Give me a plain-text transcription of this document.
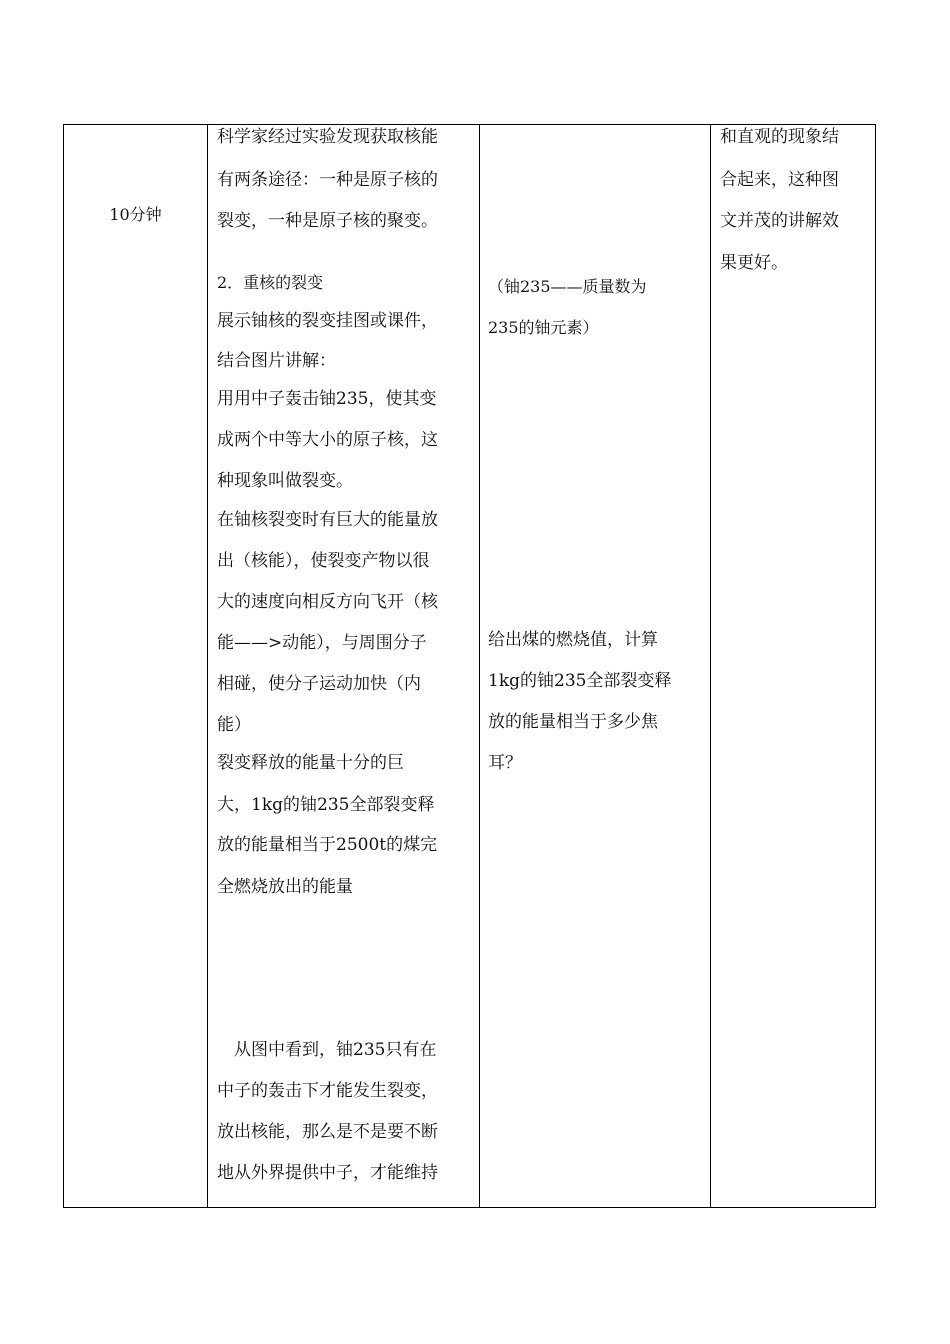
10分钟
科学家经过实验发现获取核能
有两条途径：一种是原子核的
裂变，一种是原子核的聚变。
2．重核的裂变
展示铀核的裂变挂图或课件，
结合图片讲解：
用用中子轰击铀235，使其变
成两个中等大小的原子核，这
种现象叫做裂变。
在铀核裂变时有巨大的能量放
出（核能），使裂变产物以很
大的速度向相反方向飞开（核
能——>动能），与周围分子
相碰，使分子运动加快（内
能）
裂变释放的能量十分的巨
大，1kg的铀235全部裂变释
放的能量相当于2500t的煤完
全燃烧放出的能量
从图中看到，铀235只有在
中子的轰击下才能发生裂变，
放出核能，那么是不是要不断
地从外界提供中子，才能维持
（铀235——质量数为
235的铀元素）
给出煤的燃烧值，计算
1kg的铀235全部裂变释
放的能量相当于多少焦
耳？
和直观的现象结
合起来，这种图
文并茂的讲解效
果更好。
